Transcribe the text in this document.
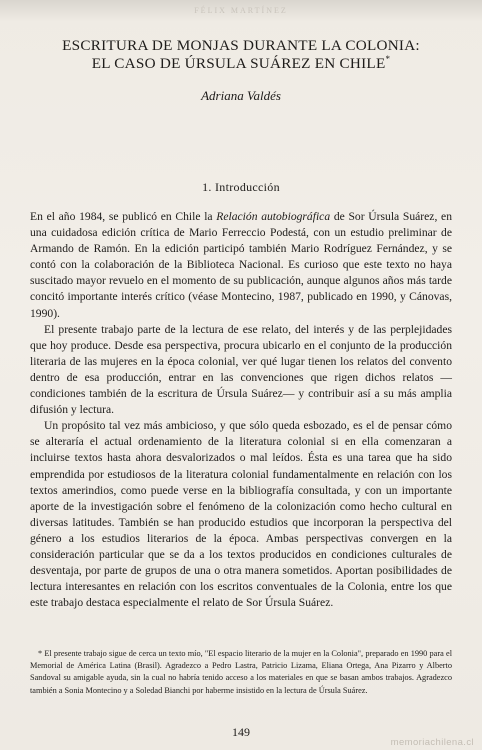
FÉLIX MARTÍNEZ
ESCRITURA DE MONJAS DURANTE LA COLONIA:
EL CASO DE ÚRSULA SUÁREZ EN CHILE*
Adriana Valdés
1. Introducción

En el año 1984, se publicó en Chile la Relación autobiográfica de Sor Úrsula Suárez, en una cuidadosa edición crítica de Mario Ferreccio Podestá, con un estudio preliminar de Armando de Ramón. En la edición participó también Mario Rodríguez Fernández, y se contó con la colaboración de la Biblioteca Nacional. Es curioso que este texto no haya suscitado mayor revuelo en el momento de su publicación, aunque algunos años más tarde concitó importante interés crítico (véase Montecino, 1987, publicado en 1990, y Cánovas, 1990).

El presente trabajo parte de la lectura de ese relato, del interés y de las perplejidades que hoy produce. Desde esa perspectiva, procura ubicarlo en el conjunto de la producción literaria de las mujeres en la época colonial, ver qué lugar tienen los relatos del convento dentro de esa producción, entrar en las convenciones que rigen dichos relatos —condiciones también de la escritura de Úrsula Suárez— y contribuir así a su más amplia difusión y lectura.

Un propósito tal vez más ambicioso, y que sólo queda esbozado, es el de pensar cómo se alteraría el actual ordenamiento de la literatura colonial si en ella comenzaran a incluirse textos hasta ahora desvalorizados o mal leídos. Ésta es una tarea que ha sido emprendida por estudiosos de la literatura colonial fundamentalmente en relación con los textos amerindios, como puede verse en la bibliografía consultada, y con un importante aporte de la investigación sobre el fenómeno de la colonización como hecho cultural en diversas latitudes. También se han producido estudios que incorporan la perspectiva del género a los estudios literarios de la época. Ambas perspectivas convergen en la consideración particular que se da a los textos producidos en condiciones culturales de desventaja, por parte de grupos de una o otra manera sometidos. Aportan posibilidades de lectura interesantes en relación con los escritos conventuales de la Colonia, entre los que este trabajo destaca especialmente el relato de Sor Úrsula Suárez.

* El presente trabajo sigue de cerca un texto mío, "El espacio literario de la mujer en la Colonia", preparado en 1990 para el Memorial de América Latina (Brasil). Agradezco a Pedro Lastra, Patricio Lizama, Eliana Ortega, Ana Pizarro y Alberto Sandoval su amigable ayuda, sin la cual no habría tenido acceso a los materiales en que se basan ambos trabajos. Agradezco también a Sonia Montecino y a Soledad Bianchi por haberme insistido en la lectura de Úrsula Suárez.

149
memoriachilena.cl
